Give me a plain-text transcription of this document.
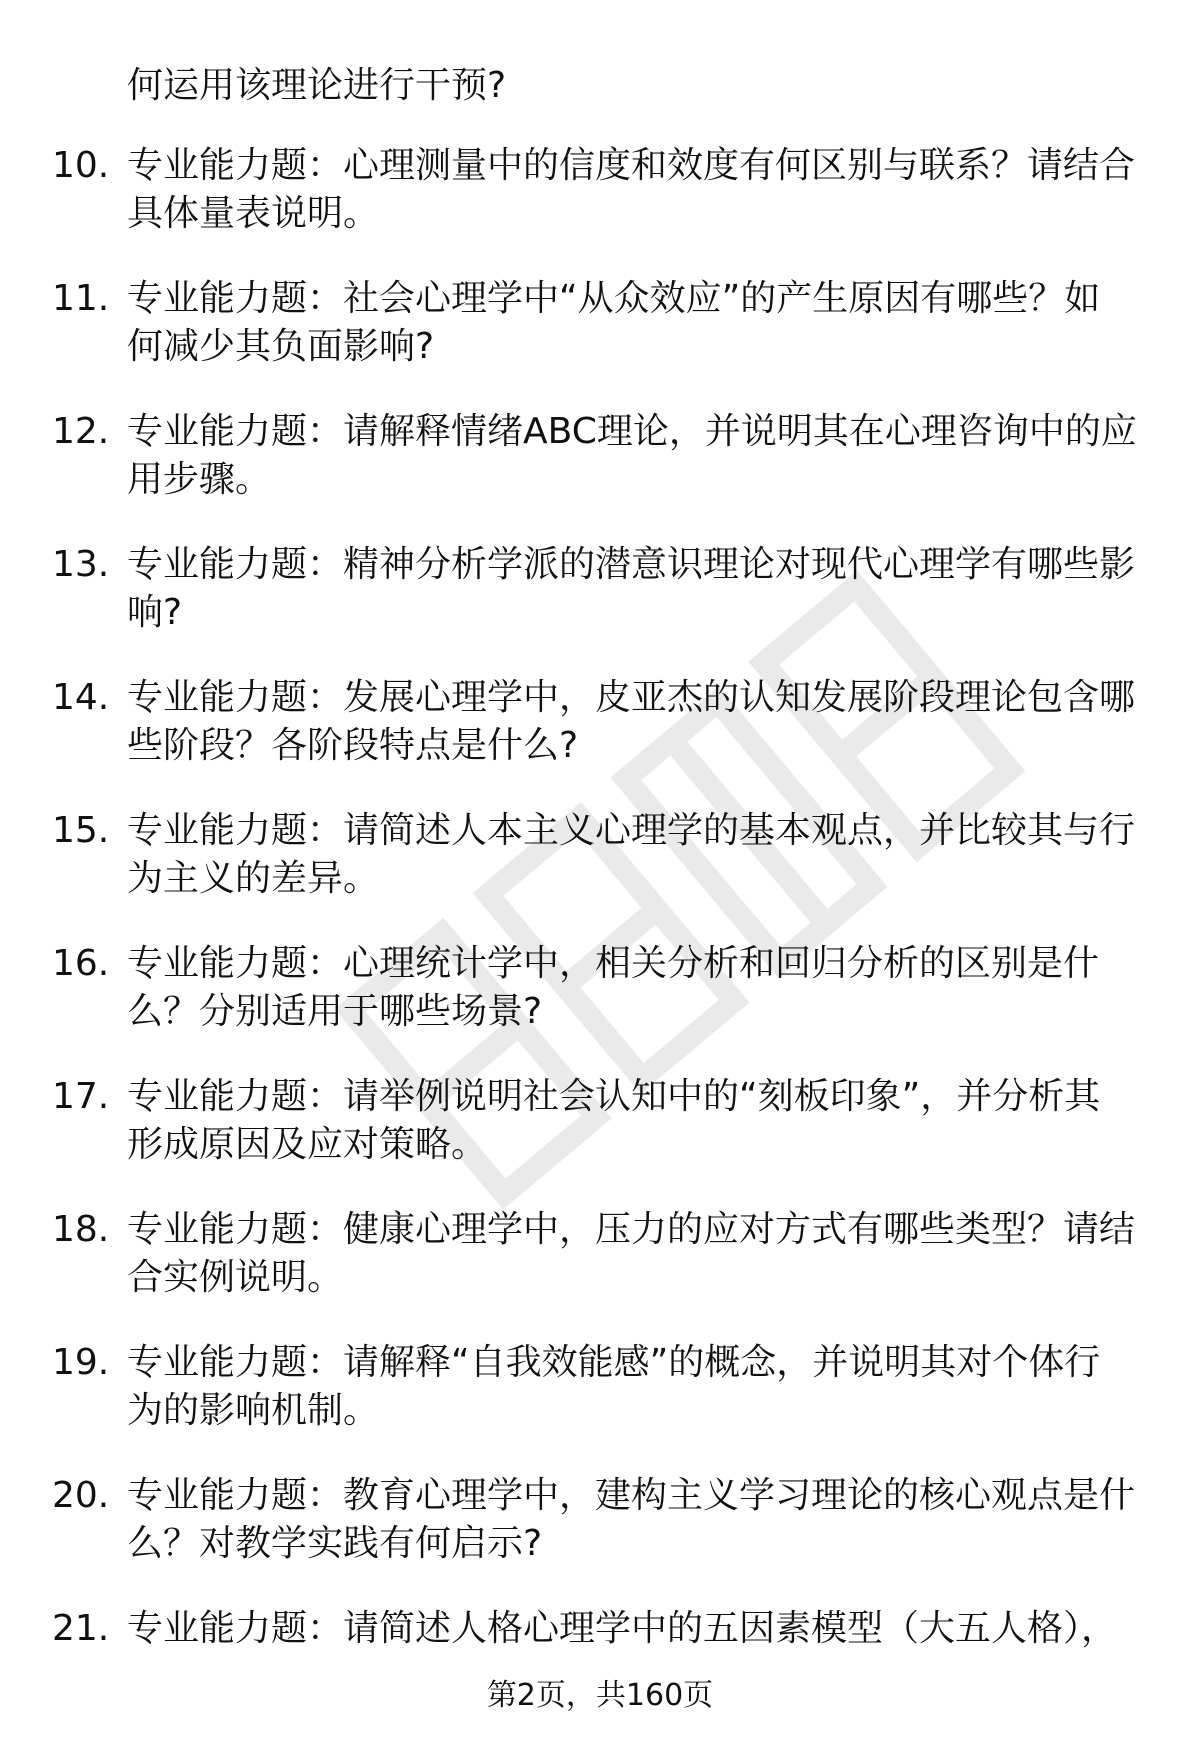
何运用该理论进行干预?

10. 专业能力题：心理测量中的信度和效度有何区别与联系？请结合
具体量表说明。
11. 专业能力题：社会心理学中“从众效应”的产生原因有哪些？如
何减少其负面影响?
12. 专业能力题：请解释情绪ABC理论，并说明其在心理咨询中的应
用步骤。
13. 专业能力题：精神分析学派的潜意识理论对现代心理学有哪些影
响?
14. 专业能力题：发展心理学中，皮亚杰的认知发展阶段理论包含哪
些阶段？各阶段特点是什么?
15. 专业能力题：请简述人本主义心理学的基本观点，并比较其与行
为主义的差异。
16. 专业能力题：心理统计学中，相关分析和回归分析的区别是什
么？分别适用于哪些场景?
17. 专业能力题：请举例说明社会认知中的“刻板印象”，并分析其
形成原因及应对策略。
18. 专业能力题：健康心理学中，压力的应对方式有哪些类型？请结
合实例说明。
19. 专业能力题：请解释“自我效能感”的概念，并说明其对个体行
为的影响机制。
20. 专业能力题：教育心理学中，建构主义学习理论的核心观点是什
么？对教学实践有何启示?
21. 专业能力题：请简述人格心理学中的五因素模型（大五人格），
第2页，共160页
